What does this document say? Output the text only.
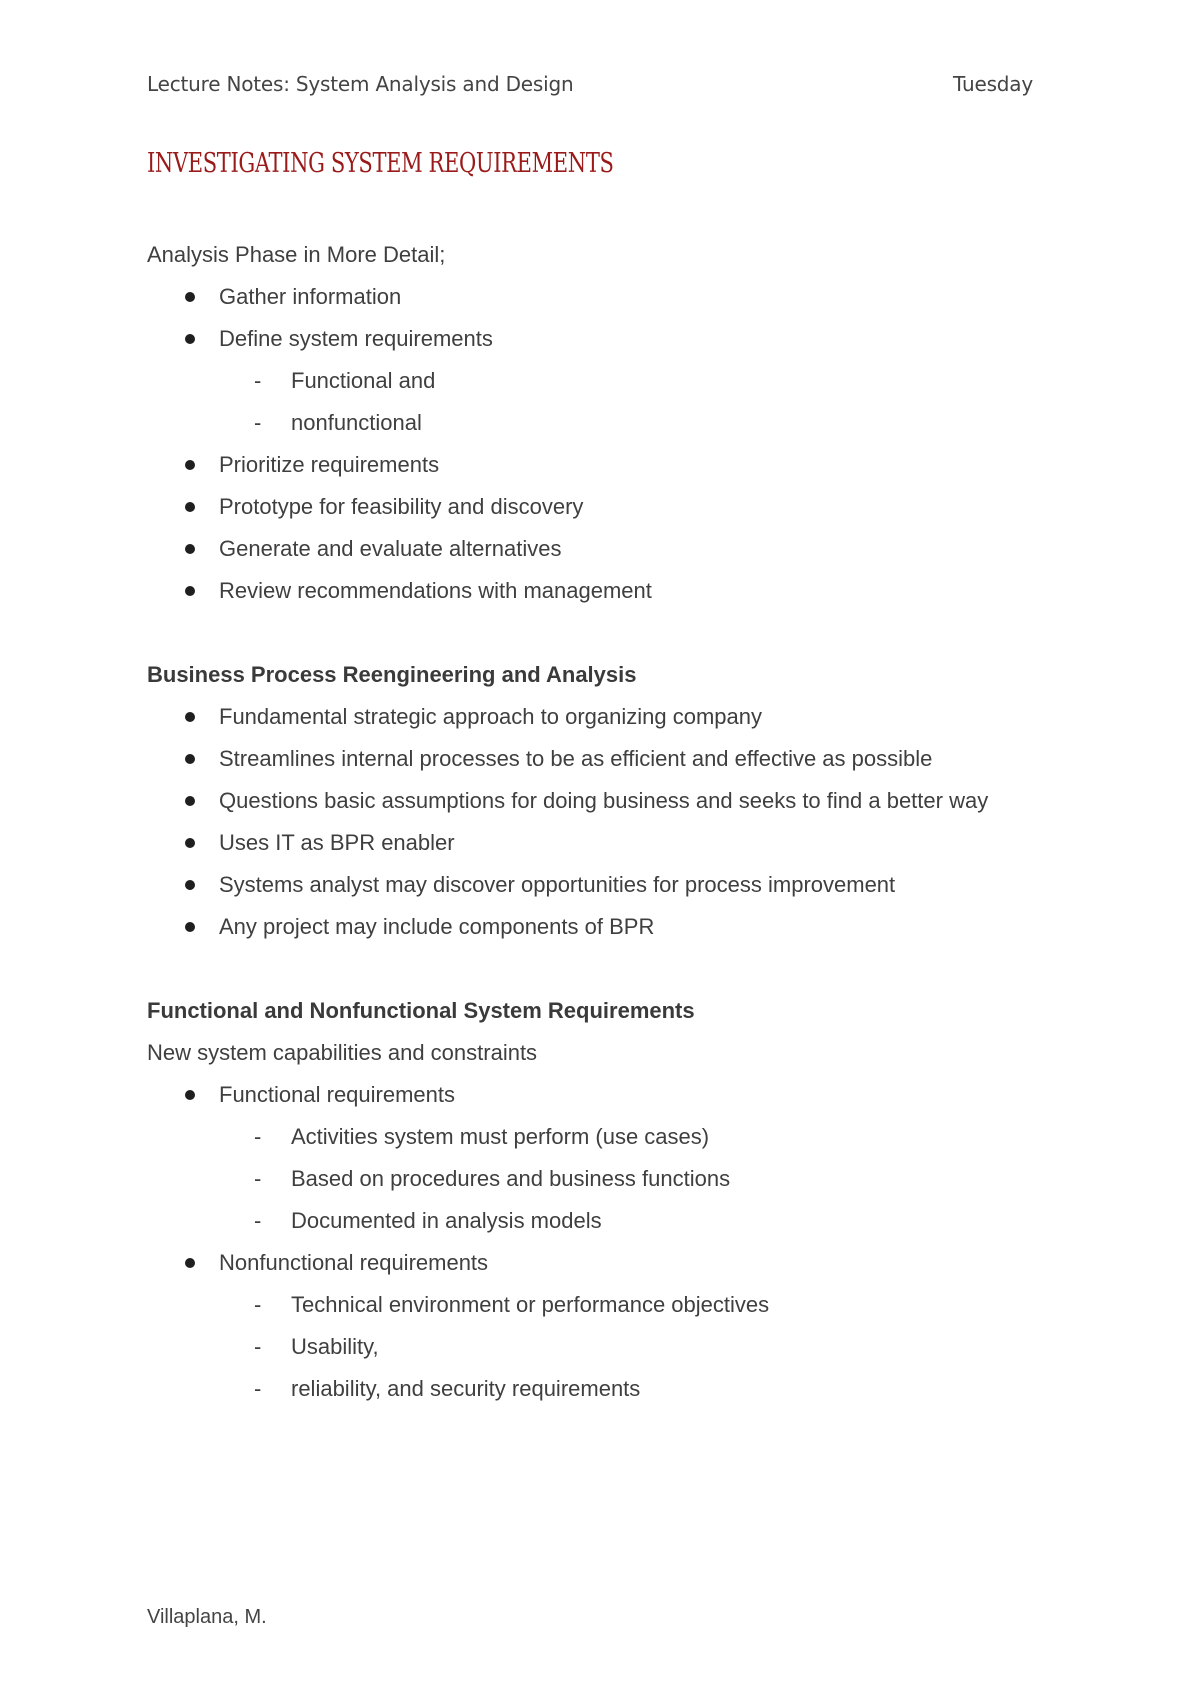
Lecture Notes: System Analysis and Design	Tuesday
INVESTIGATING SYSTEM REQUIREMENTS

Analysis Phase in More Detail;

Gather information
Define system requirements
- Functional and
- nonfunctional
Prioritize requirements
Prototype for feasibility and discovery
Generate and evaluate alternatives
Review recommendations with management
Business Process Reengineering and Analysis
Fundamental strategic approach to organizing company
Streamlines internal processes to be as efficient and effective as possible
Questions basic assumptions for doing business and seeks to find a better way
Uses IT as BPR enabler
Systems analyst may discover opportunities for process improvement
Any project may include components of BPR
Functional and Nonfunctional System Requirements

New system capabilities and constraints

Functional requirements
- Activities system must perform (use cases)
- Based on procedures and business functions
- Documented in analysis models
Nonfunctional requirements
- Technical environment or performance objectives
- Usability,
- reliability, and security requirements
Villaplana, M.
